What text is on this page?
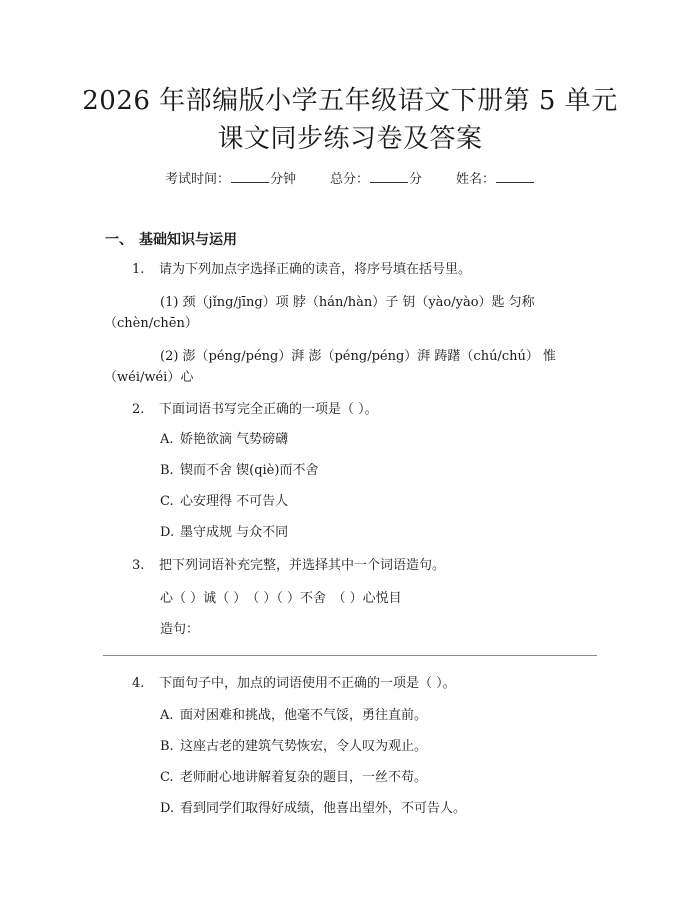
2026 年部编版小学五年级语文下册第 5 单元
课文同步练习卷及答案
考试时间：	分钟	总分：	分	姓名：
一、 基础知识与运用
1. 请为下列加点字选择正确的读音，将序号填在括号里。
(1) 颈（jǐng/jīng）项 脖（hán/hàn）子 钥（yào/yào）匙 匀称
（chèn/chēn）
(2) 澎（péng/péng）湃 澎（péng/péng）湃 踌躇（chú/chú） 惟
（wéi/wéi）心
2. 下面词语书写完全正确的一项是（ ）。
A. 娇艳欲滴 气势磅礴
B. 锲而不舍 锲(qiè)而不舍
C. 心安理得 不可告人
D. 墨守成规 与众不同
3. 把下列词语补充完整，并选择其中一个词语造句。
心（ ）诚（ ）　（ ）（ ）不舍　（ ）心悦目
造句：
4. 下面句子中，加点的词语使用不正确的一项是（ ）。
A. 面对困难和挑战，他毫不气馁，勇往直前。
B. 这座古老的建筑气势恢宏，令人叹为观止。
C. 老师耐心地讲解着复杂的题目，一丝不苟。
D. 看到同学们取得好成绩，他喜出望外，不可告人。
